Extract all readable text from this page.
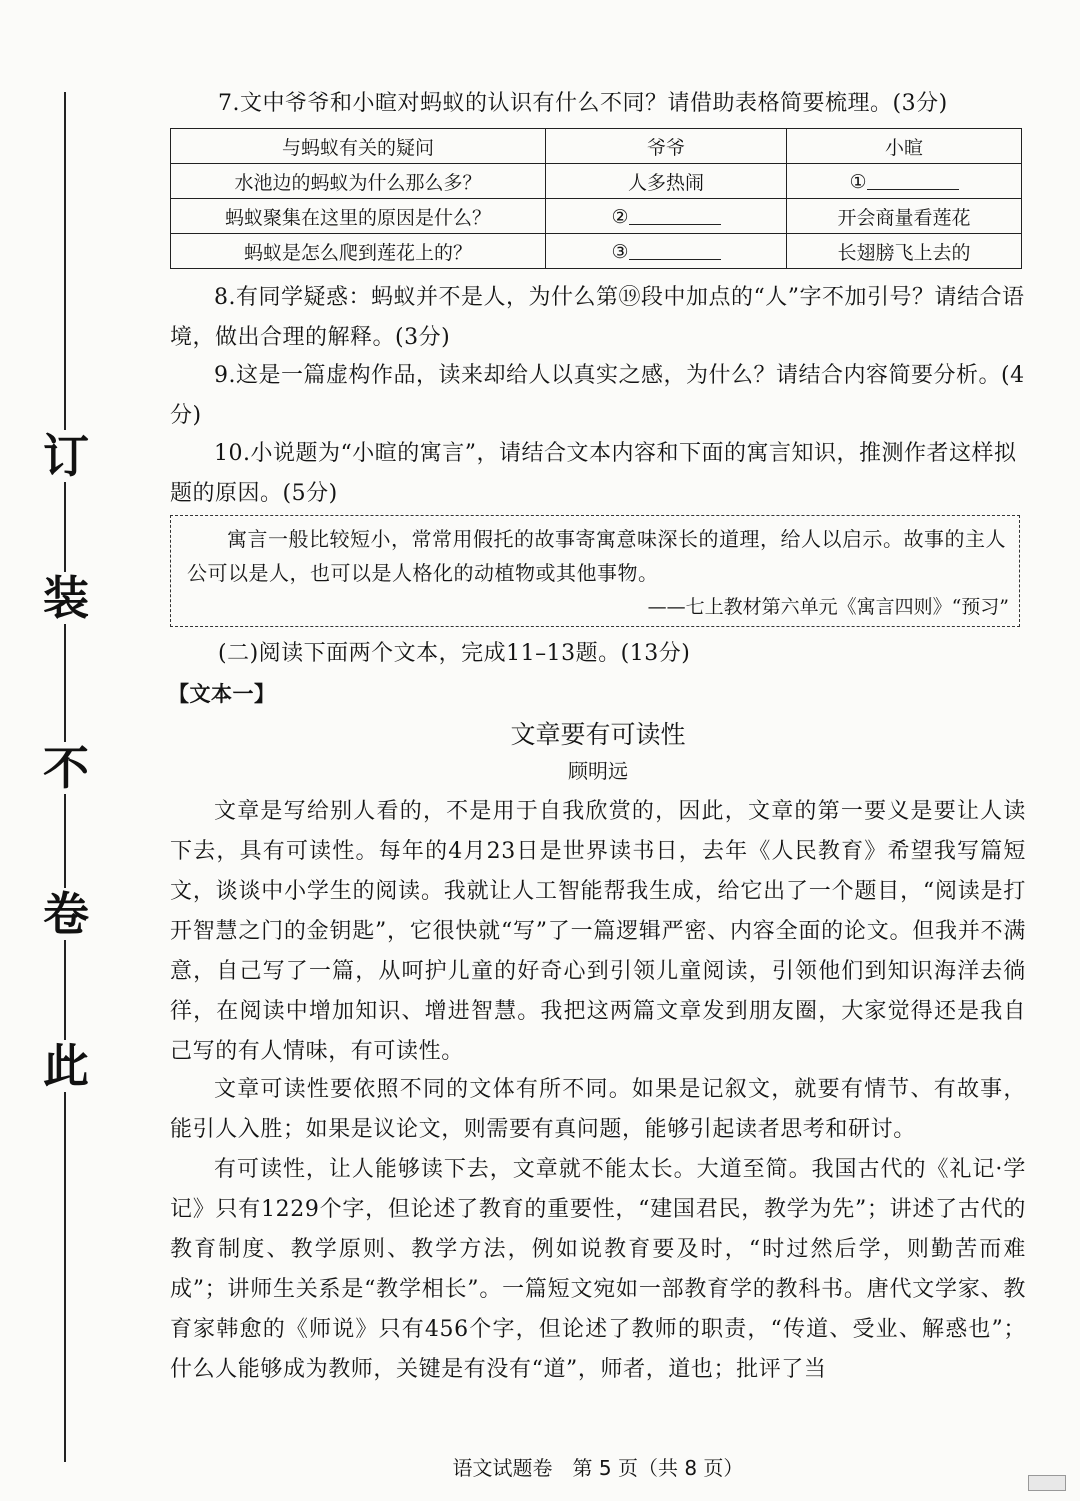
订
装
不
卷
此
7.文中爷爷和小暄对蚂蚁的认识有什么不同？请借助表格简要梳理。(3分)
与蚂蚁有关的疑问	爷爷	小暄
水池边的蚂蚁为什么那么多？	人多热闹	①
蚂蚁聚集在这里的原因是什么？	②	开会商量看莲花
蚂蚁是怎么爬到莲花上的？	③	长翅膀飞上去的
8.有同学疑惑：蚂蚁并不是人，为什么第⑲段中加点的“人”字不加引号？请结合语境，做出合理的解释。(3分)
9.这是一篇虚构作品，读来却给人以真实之感，为什么？请结合内容简要分析。(4分)
10.小说题为“小暄的寓言”，请结合文本内容和下面的寓言知识，推测作者这样拟题的原因。(5分)
寓言一般比较短小，常常用假托的故事寄寓意味深长的道理，给人以启示。故事的主人公可以是人，也可以是人格化的动植物或其他事物。
——七上教材第六单元《寓言四则》“预习”
(二)阅读下面两个文本，完成11–13题。(13分)
【文本一】
文章要有可读性
顾明远
文章是写给别人看的，不是用于自我欣赏的，因此，文章的第一要义是要让人读下去，具有可读性。每年的4月23日是世界读书日，去年《人民教育》希望我写篇短文，谈谈中小学生的阅读。我就让人工智能帮我生成，给它出了一个题目，“阅读是打开智慧之门的金钥匙”，它很快就“写”了一篇逻辑严密、内容全面的论文。但我并不满意，自己写了一篇，从呵护儿童的好奇心到引领儿童阅读，引领他们到知识海洋去徜徉，在阅读中增加知识、增进智慧。我把这两篇文章发到朋友圈，大家觉得还是我自己写的有人情味，有可读性。
文章可读性要依照不同的文体有所不同。如果是记叙文，就要有情节、有故事，能引人入胜；如果是议论文，则需要有真问题，能够引起读者思考和研讨。
有可读性，让人能够读下去，文章就不能太长。大道至简。我国古代的《礼记·学记》只有1229个字，但论述了教育的重要性，“建国君民，教学为先”；讲述了古代的教育制度、教学原则、教学方法，例如说教育要及时，“时过然后学，则勤苦而难成”；讲师生关系是“教学相长”。一篇短文宛如一部教育学的教科书。唐代文学家、教育家韩愈的《师说》只有456个字，但论述了教师的职责，“传道、受业、解惑也”；什么人能够成为教师，关键是有没有“道”，师者，道也；批评了当
语文试题卷　第 5 页（共 8 页）
